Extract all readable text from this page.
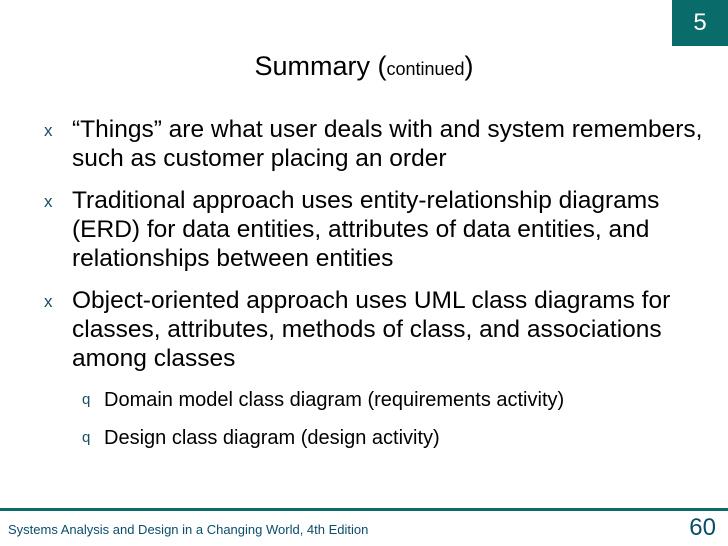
5
Summary (continued)
x “Things” are what user deals with and system remembers, such as customer placing an order
x Traditional approach uses entity-relationship diagrams (ERD) for data entities, attributes of data entities, and relationships between entities
x Object-oriented approach uses UML class diagrams for classes, attributes, methods of class, and associations among classes
q Domain model class diagram (requirements activity)
q Design class diagram (design activity)
Systems Analysis and Design in a Changing World, 4th Edition	60
